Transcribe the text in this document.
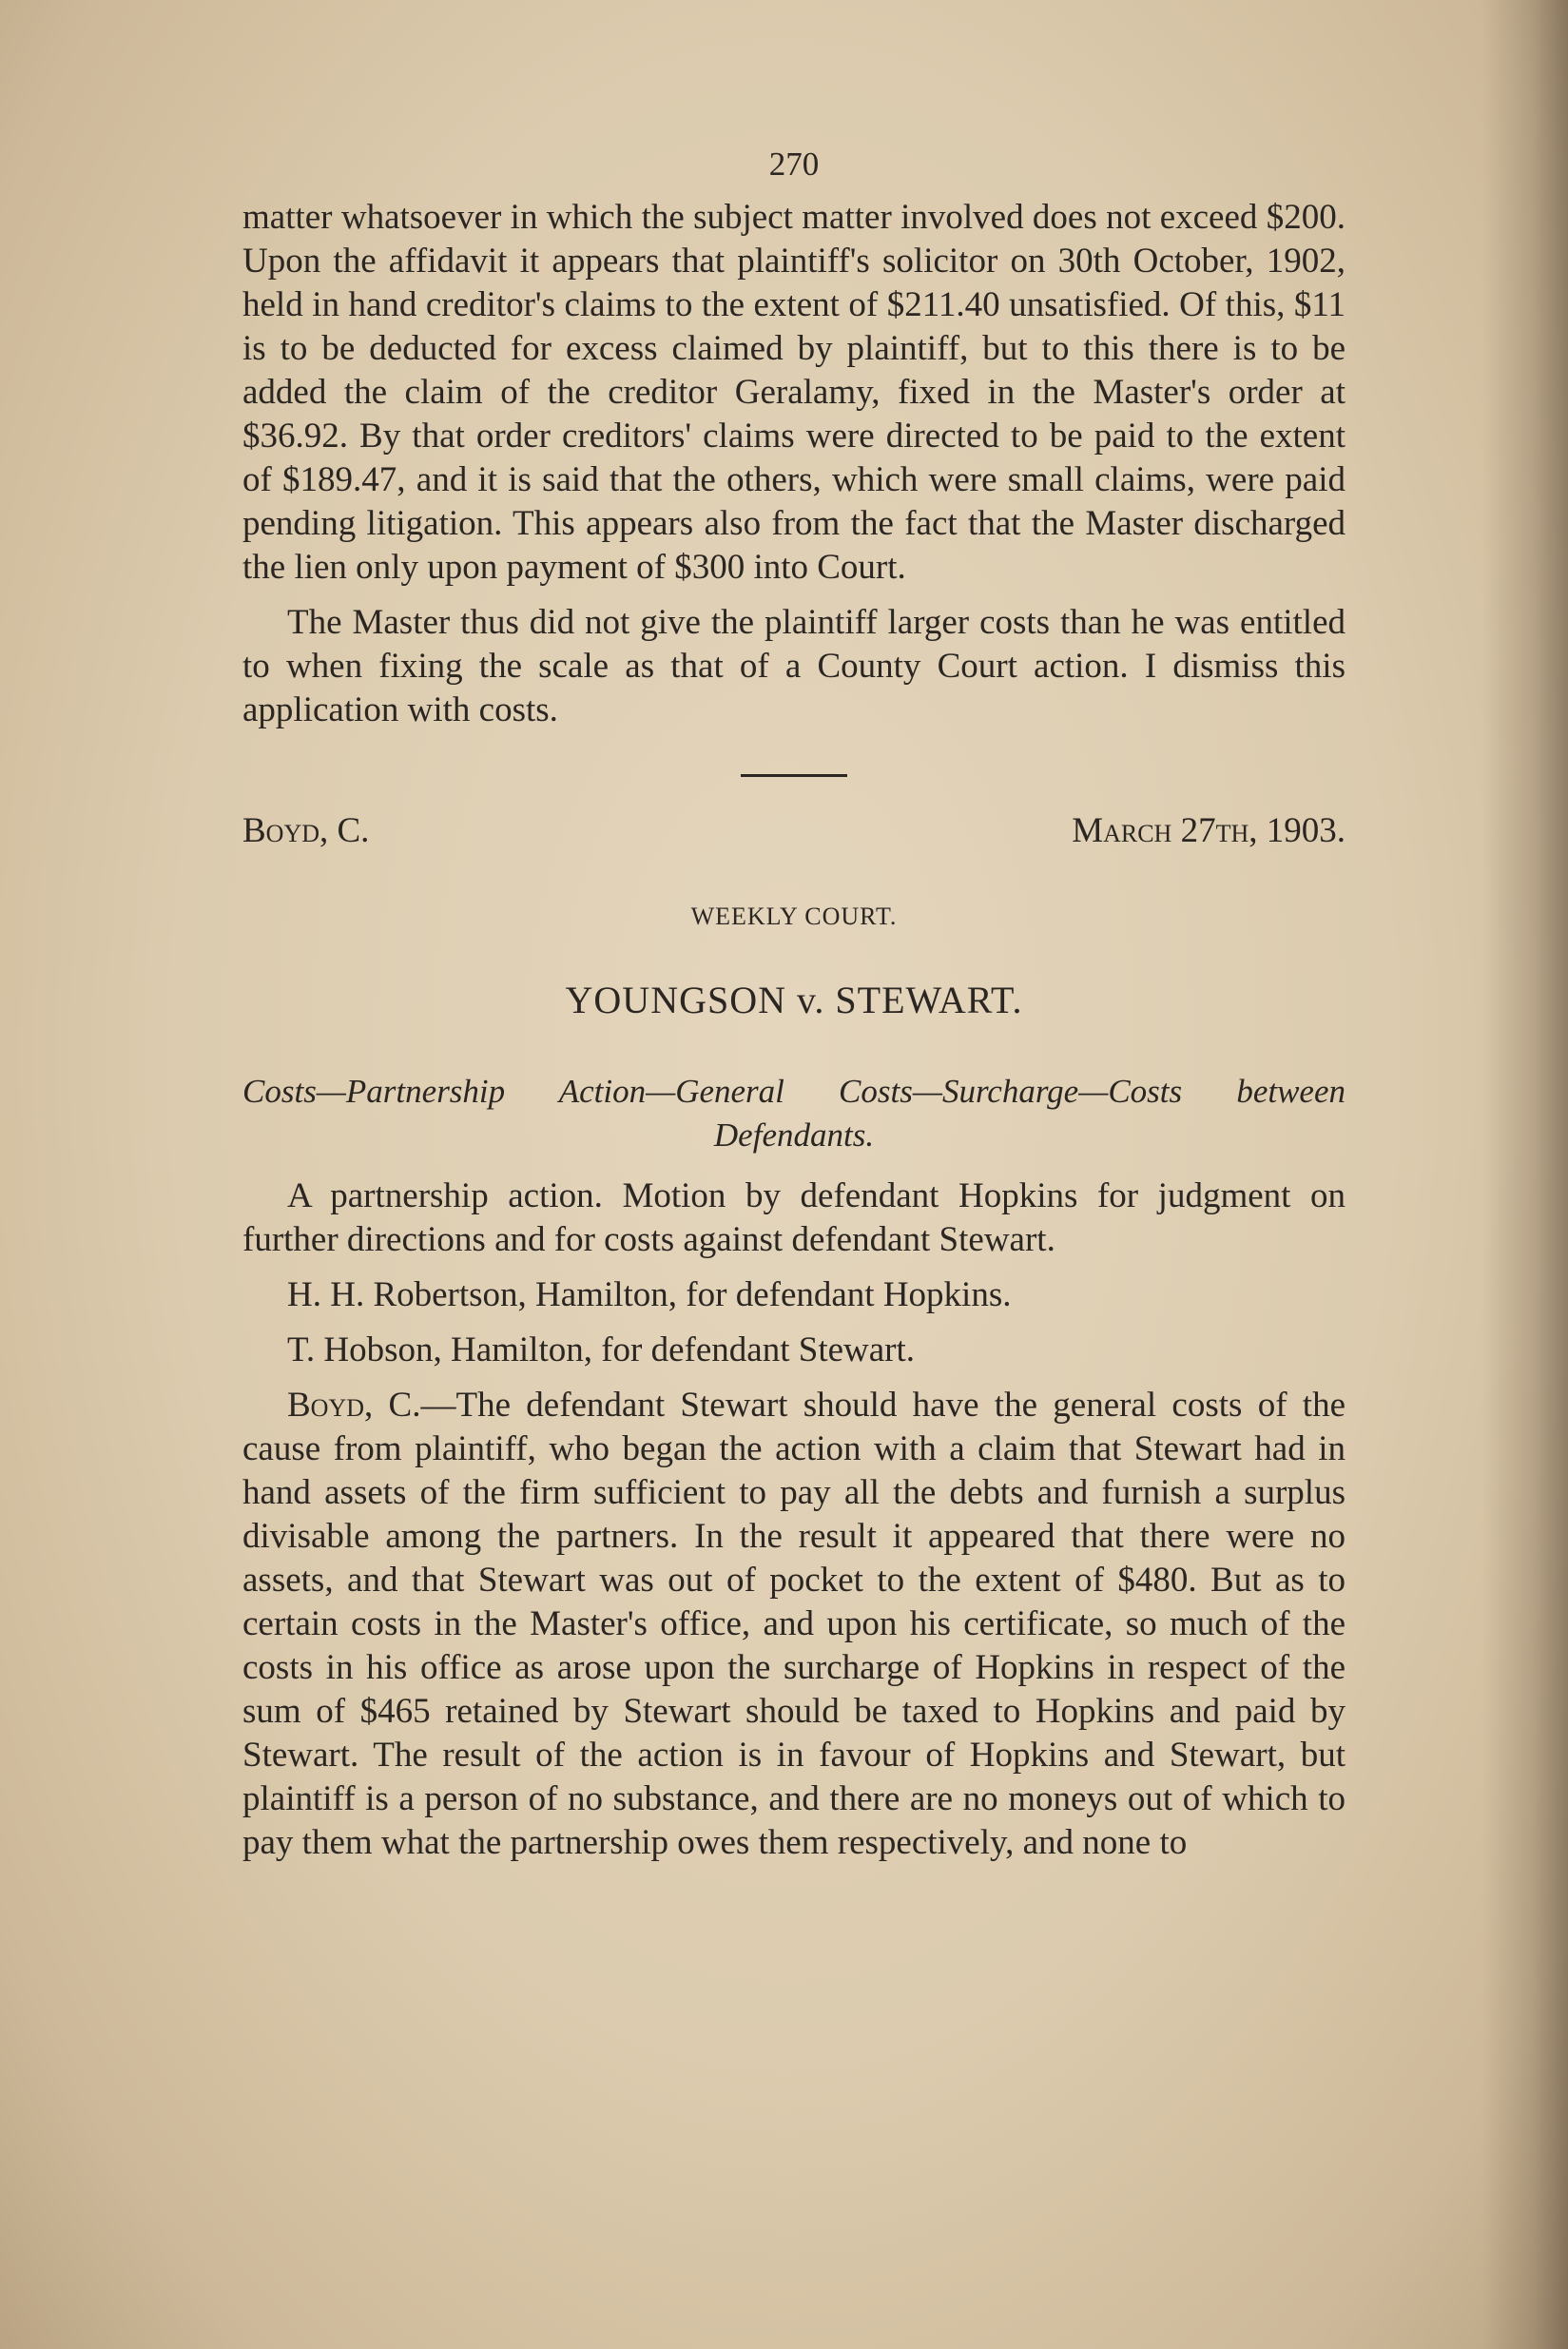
270

matter whatsoever in which the subject matter involved does not exceed $200. Upon the affidavit it appears that plaintiff's solicitor on 30th October, 1902, held in hand creditor's claims to the extent of $211.40 unsatisfied. Of this, $11 is to be deducted for excess claimed by plaintiff, but to this there is to be added the claim of the creditor Geralamy, fixed in the Master's order at $36.92. By that order creditors' claims were directed to be paid to the extent of $189.47, and it is said that the others, which were small claims, were paid pending litigation. This appears also from the fact that the Master discharged the lien only upon payment of $300 into Court.

The Master thus did not give the plaintiff larger costs than he was entitled to when fixing the scale as that of a County Court action. I dismiss this application with costs.

Boyd, C.	March 27th, 1903.
WEEKLY COURT.
YOUNGSON v. STEWART.
Costs—Partnership Action—General Costs—Surcharge—Costs between Defendants.

A partnership action. Motion by defendant Hopkins for judgment on further directions and for costs against defendant Stewart.

H. H. Robertson, Hamilton, for defendant Hopkins.

T. Hobson, Hamilton, for defendant Stewart.

Boyd, C.—The defendant Stewart should have the general costs of the cause from plaintiff, who began the action with a claim that Stewart had in hand assets of the firm sufficient to pay all the debts and furnish a surplus divisable among the partners. In the result it appeared that there were no assets, and that Stewart was out of pocket to the extent of $480. But as to certain costs in the Master's office, and upon his certificate, so much of the costs in his office as arose upon the surcharge of Hopkins in respect of the sum of $465 retained by Stewart should be taxed to Hopkins and paid by Stewart. The result of the action is in favour of Hopkins and Stewart, but plaintiff is a person of no substance, and there are no moneys out of which to pay them what the partnership owes them respectively, and none to
